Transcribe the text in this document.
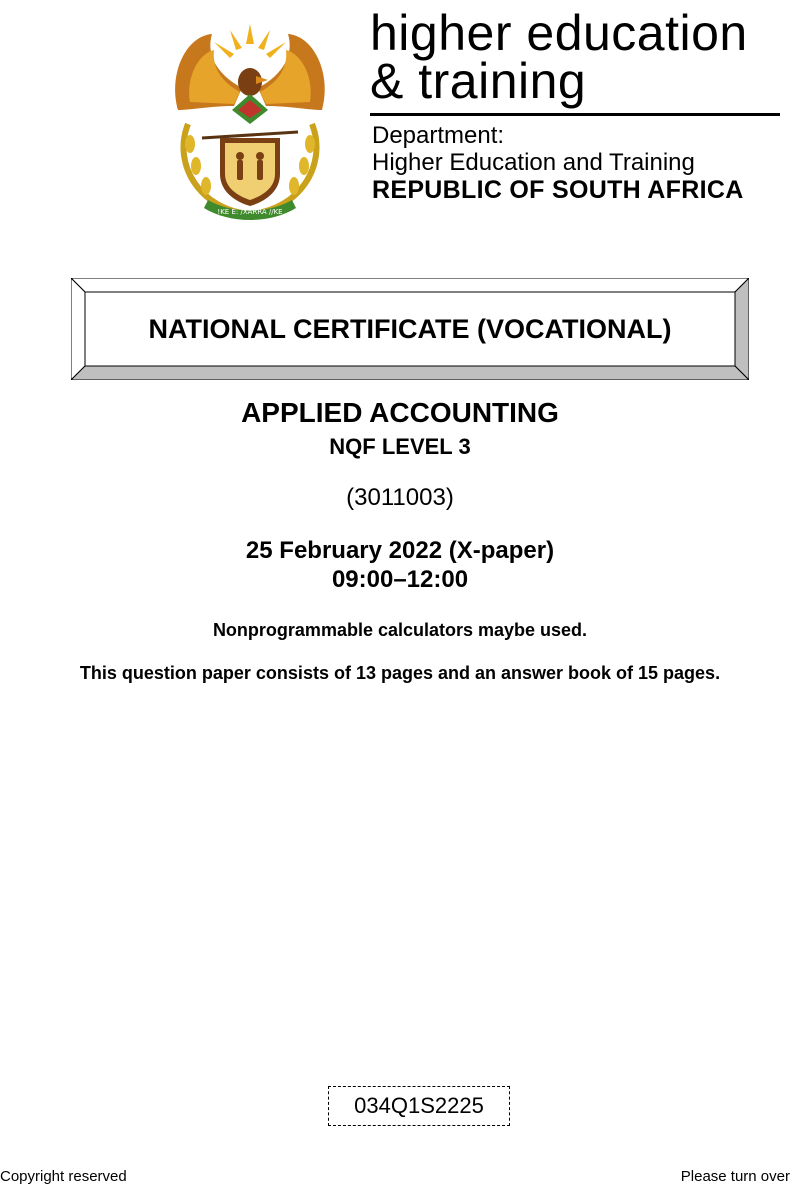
!KE E: /XARRA //KE
higher education
& training
Department:
Higher Education and Training
REPUBLIC OF SOUTH AFRICA
NATIONAL CERTIFICATE (VOCATIONAL)
APPLIED ACCOUNTING
NQF LEVEL 3
(3011003)
25 February 2022 (X-paper)
09:00–12:00
Nonprogrammable calculators maybe used.
This question paper consists of 13 pages and an answer book of 15 pages.
034Q1S2225
Copyright reserved	Please turn over
